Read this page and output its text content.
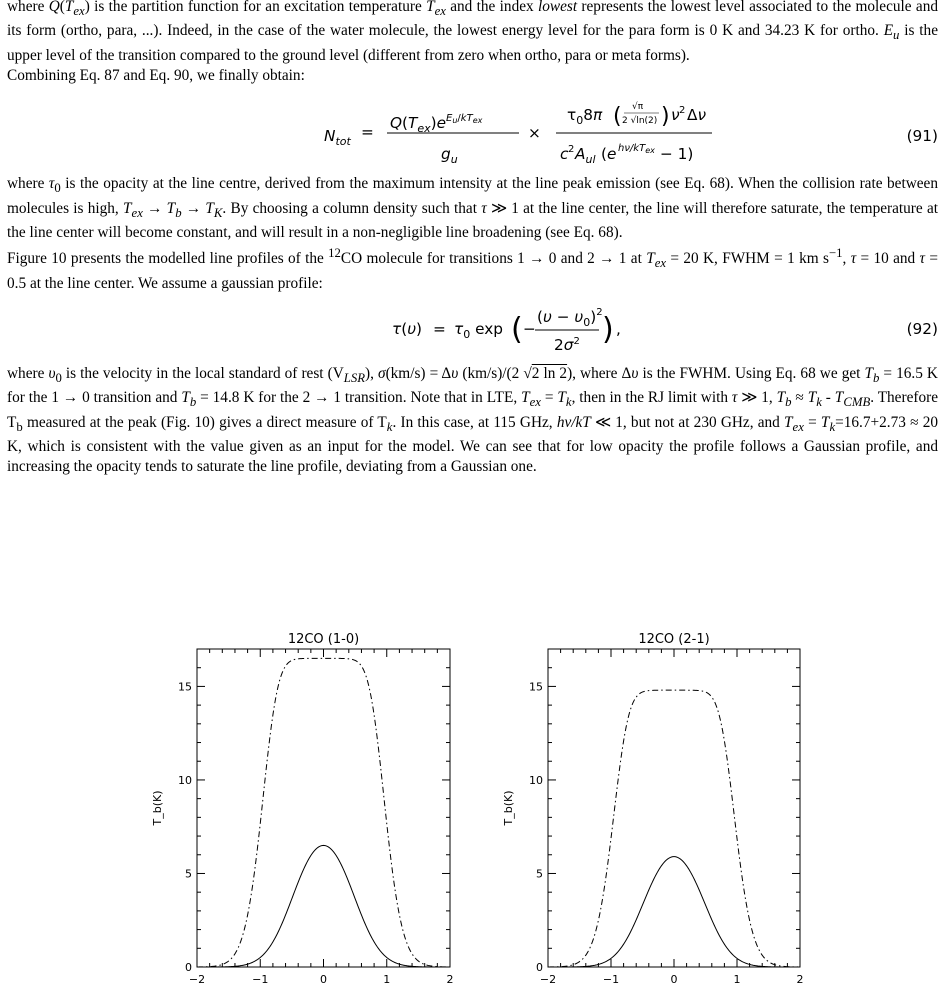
where $Q(T_{ex})$ is the partition function for an excitation temperature $T_{ex}$ and the index lowest represents the lowest level associated to the molecule and its form (ortho, para, ...). Indeed, in the case of the water molecule, the lowest energy level for the para form is 0 K and 34.23 K for ortho. $E_u$ is the upper level of the transition compared to the ground level (different from zero when ortho, para or meta forms).

Combining Eq. 87 and Eq. 90, we finally obtain:

$N_{tot}$
= Q $(T_{ex})e^Eu$/kTex
$g_u$
×
$\tau_08\pi$ ( √π
2 √ln(2) ) ν 2 Δν
c 2 $A_{ul}$ (e $h\nu/kT_{ex} - 1$)
(91)

where $\tau_0$ is the opacity at the line centre, derived from the maximum intensity at the line peak emission (see Eq. 68). When the collision rate between molecules is high, $T_{ex} \to T_b \to T_K$. By choosing a column density such that τ ≫ 1 at the line center, the line will therefore saturate, the temperature at the line center will become constant, and will result in a non-negligible line broadening (see Eq. 68).

Figure 10 presents the modelled line profiles of the $^{12}$CO molecule for transitions 1 → 0 and 2 → 1 at $T_{ex} = 20$ K, FWHM = 1 km $s^{-1}$, τ = 10 and τ = 0.5 at the line center. We assume a gaussian profile:

$\tau(\upsilon) = \tau_0$ exp ( −
$(\upsilon - \upsilon_0)^2$
$2\sigma^2$ ) ,	(92)

where $\upsilon_0$ is the velocity in the local standard of rest $(V_{LSR})$, σ(km/s) = Δυ (km/s)/(2 √2 ln 2), where Δυ is the FWHM. Using Eq. 68 we get $T_b = 16.5$ K for the 1 → 0 transition and $T_b = 14.8$ K for the 2 → 1 transition. Note that in LTE, $T_{ex} = T_k$, then in the RJ limit with τ ≫ 1, $T_b \approx T_k - T_{CMB}$. Therefore $T_b$ measured at the peak (Fig. 10) gives a direct measure of $T_k$. In this case, at 115 GHz, hν/kT ≪ 1, but not at 230 GHz, and $T_{ex} = T_k=16.7+2.73 \approx 20$ K, which is consistent with the value given as an input for the model. We can see that for low opacity the profile follows a Gaussian profile, and increasing the opacity tends to saturate the line profile, deviating from a Gaussian one.

12CO (1-0)
−2	−1	0	1	2
0
5
10
15
T_b(K)
12CO (2-1)
−2	−1	0	1	2
0
5
10
15
T_b(K)
